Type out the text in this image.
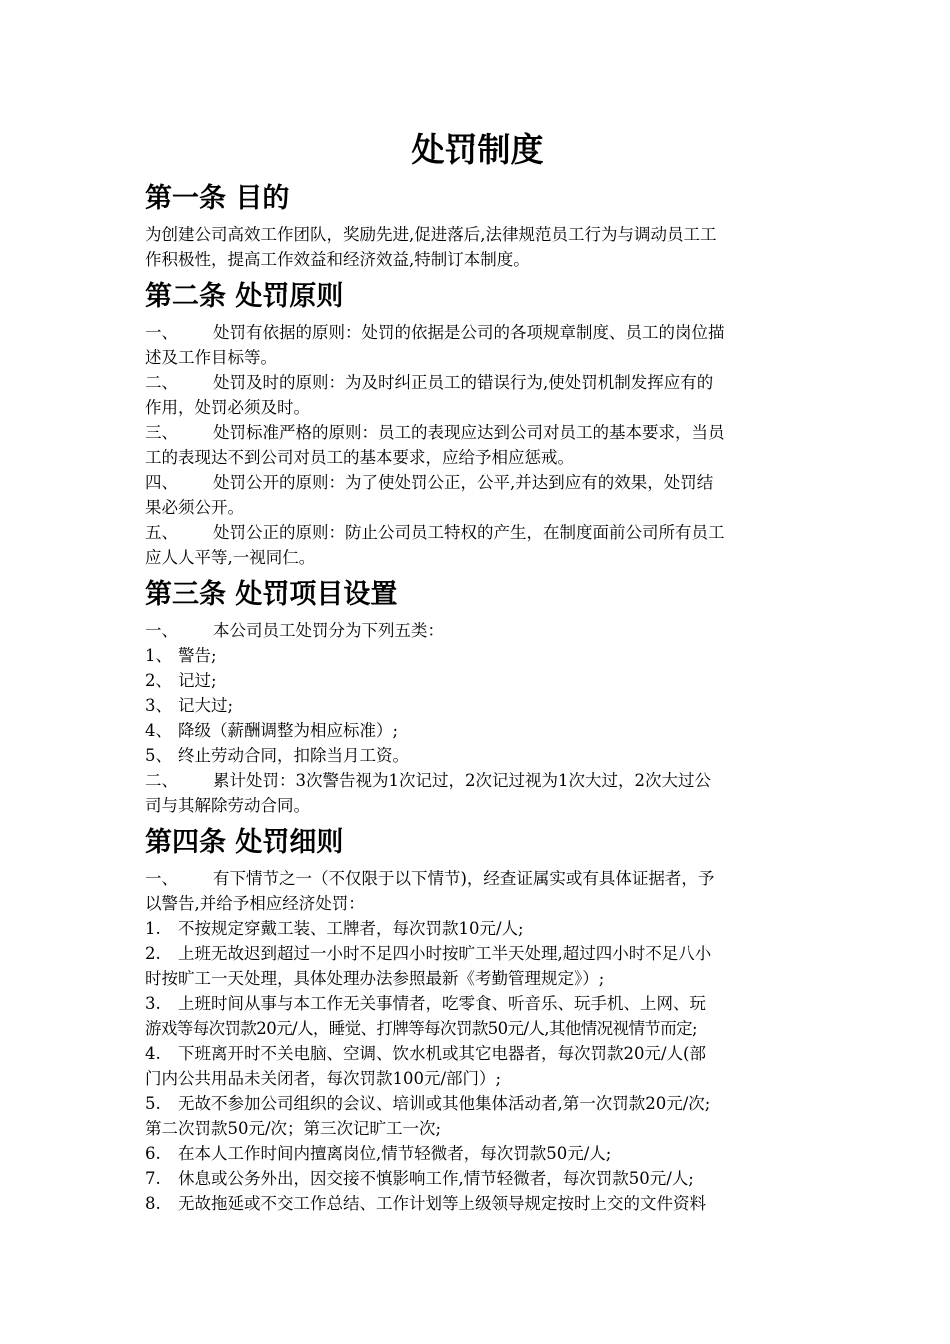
处罚制度
第一条 目的

为创建公司高效工作团队，奖励先进,促进落后,法律规范员工行为与调动员工工

作积极性，提高工作效益和经济效益,特制订本制度。

第二条 处罚原则

一、 处罚有依据的原则：处罚的依据是公司的各项规章制度、员工的岗位描

述及工作目标等。

二、 处罚及时的原则：为及时纠正员工的错误行为,使处罚机制发挥应有的

作用，处罚必须及时。

三、 处罚标准严格的原则：员工的表现应达到公司对员工的基本要求，当员

工的表现达不到公司对员工的基本要求，应给予相应惩戒。

四、 处罚公开的原则：为了使处罚公正，公平,并达到应有的效果，处罚结

果必须公开。

五、 处罚公正的原则：防止公司员工特权的产生，在制度面前公司所有员工

应人人平等,一视同仁。

第三条 处罚项目设置

一、 本公司员工处罚分为下列五类：

1、 警告;

2、 记过;

3、 记大过;

4、 降级（薪酬调整为相应标准）;

5、 终止劳动合同，扣除当月工资。

二、 累计处罚：3次警告视为1次记过，2次记过视为1次大过，2次大过公

司与其解除劳动合同。

第四条 处罚细则

一、 有下情节之一（不仅限于以下情节)，经查证属实或有具体证据者，予

以警告,并给予相应经济处罚：

1. 不按规定穿戴工装、工牌者，每次罚款10元/人;

2. 上班无故迟到超过一小时不足四小时按旷工半天处理,超过四小时不足八小

时按旷工一天处理，具体处理办法参照最新《考勤管理规定》）;

3. 上班时间从事与本工作无关事情者，吃零食、听音乐、玩手机、上网、玩

游戏等每次罚款20元/人，睡觉、打牌等每次罚款50元/人,其他情况视情节而定;

4. 下班离开时不关电脑、空调、饮水机或其它电器者，每次罚款20元/人(部

门内公共用品未关闭者，每次罚款100元/部门）;

5. 无故不参加公司组织的会议、培训或其他集体活动者,第一次罚款20元/次;

第二次罚款50元/次；第三次记旷工一次;

6. 在本人工作时间内擅离岗位,情节轻微者，每次罚款50元/人;

7. 休息或公务外出，因交接不慎影响工作,情节轻微者，每次罚款50元/人;

8. 无故拖延或不交工作总结、工作计划等上级领导规定按时上交的文件资料
